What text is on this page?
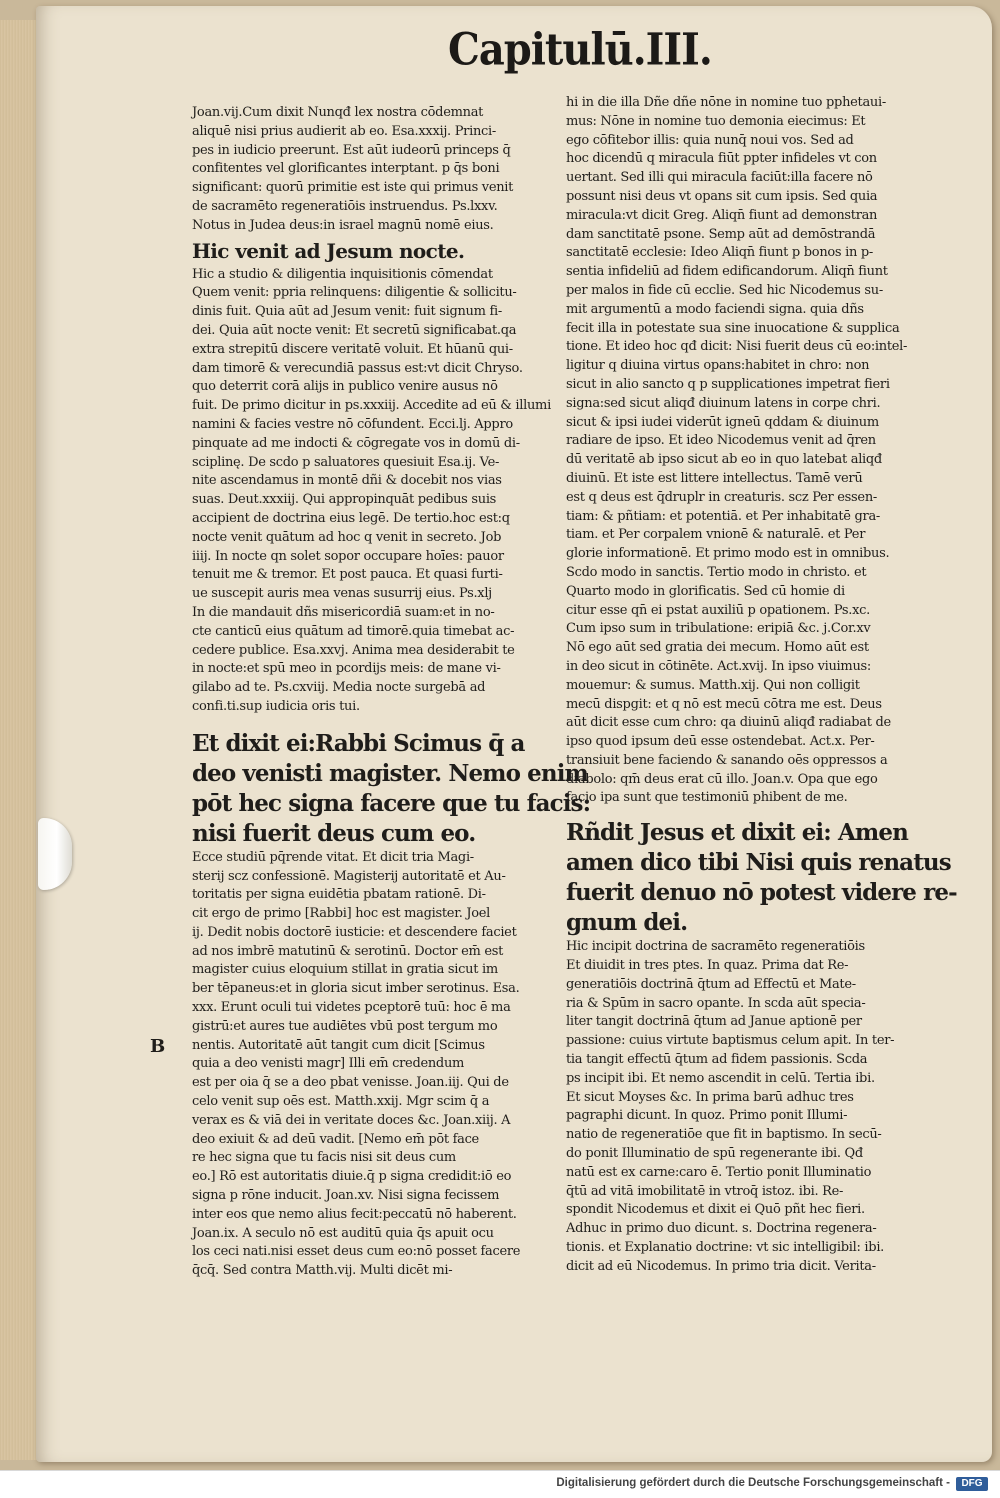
Capitulū.III.
Joan.vij.Cum dixit Nunqđ lex nostra cōdemnat
aliquē nisi prius audierit ab eo. Esa.xxxij. Princi-
pes in iudicio preerunt. Est aūt iudeorū princeps q̄
confitentes vel glorificantes interptant. p q̄s boni
significant: quorū primitie est iste qui primus venit
de sacramēto regeneratiōis instruendus. Ps.lxxv.
Notus in Judea deus:in israel magnū nomē eius.
Hic venit ad Jesum nocte.
Hic a studio & diligentia inquisitionis cōmendat
Quem venit: ppria relinquens: diligentie & sollicitu-
dinis fuit. Quia aūt ad Jesum venit: fuit signum fi-
dei. Quia aūt nocte venit: Et secretū significabat.qa
extra strepitū discere veritatē voluit. Et hūanū qui-
dam timorē & verecundiā passus est:vt dicit Chryso.
quo deterrit corā alijs in publico venire ausus nō
fuit. De primo dicitur in ps.xxxiij. Accedite ad eū & illumi
namini & facies vestre nō cōfundent. Ecci.lj. Appro
pinquate ad me indocti & cōgregate vos in domū di-
sciplinę. De scdo p saluatores quesiuit Esa.ij. Ve-
nite ascendamus in montē dñi & docebit nos vias
suas. Deut.xxxiij. Qui appropinquāt pedibus suis
accipient de doctrina eius legē. De tertio.hoc est:q
nocte venit quātum ad hoc q venit in secreto. Job
iiij. In nocte qn solet sopor occupare hoīes: pauor
tenuit me & tremor. Et post pauca. Et quasi furti-
ue suscepit auris mea venas susurrij eius. Ps.xlj
In die mandauit dñs misericordiā suam:et in no-
cte canticū eius quātum ad timorē.quia timebat ac-
cedere publice. Esa.xxvj. Anima mea desiderabit te
in nocte:et spū meo in pcordijs meis: de mane vi-
gilabo ad te. Ps.cxviij. Media nocte surgebā ad
confi.ti.sup iudicia oris tui.
Et dixit ei:Rabbi Scimus q̄ a
deo venisti magister. Nemo enim
pōt hec signa facere que tu facis:
nisi fuerit deus cum eo.
Ecce studiū pq̄rende vitat. Et dicit tria Magi-
sterij scz confessionē. Magisterij autoritatē et Au-
toritatis per signa euidētia pbatam rationē. Di-
cit ergo de primo [Rabbi] hoc est magister. Joel
ij. Dedit nobis doctorē iusticie: et descendere faciet
ad nos imbrē matutinū & serotinū. Doctor em̄ est
magister cuius eloquium stillat in gratia sicut im
ber tēpaneus:et in gloria sicut imber serotinus. Esa.
xxx. Erunt oculi tui videtes pceptorē tuū: hoc ē ma
gistrū:et aures tue audiētes vbū post tergum mo
nentis. Autoritatē aūt tangit cum dicit [Scimus
quia a deo venisti magr] Illi em̄ credendum
est per oia q̄ se a deo pbat venisse. Joan.iij. Qui de
celo venit sup oēs est. Matth.xxij. Mgr scim q̄ a
verax es & viā dei in veritate doces &c. Joan.xiij. A
deo exiuit & ad deū vadit. [Nemo em̄ pōt face
re hec signa que tu facis nisi sit deus cum
eo.] Rō est autoritatis diuie.q̄ p signa credidit:iō eo
signa p rōne inducit. Joan.xv. Nisi signa fecissem
inter eos que nemo alius fecit:peccatū nō haberent.
Joan.ix. A seculo nō est auditū quia q̄s apuit ocu
los ceci nati.nisi esset deus cum eo:nō posset facere
q̄cq̄. Sed contra Matth.vij. Multi dicēt mi-
B
hi in die illa Dñe dñe nōne in nomine tuo pphetaui-
mus: Nōne in nomine tuo demonia eiecimus: Et
ego cōfitebor illis: quia nunq̄ noui vos. Sed ad
hoc dicendū q miracula fiūt ppter infideles vt con
uertant. Sed illi qui miracula faciūt:illa facere nō
possunt nisi deus vt opans sit cum ipsis. Sed quia
miracula:vt dicit Greg. Aliqn̄ fiunt ad demonstran
dam sanctitatē psone. Semp aūt ad demōstrandā
sanctitatē ecclesie: Ideo Aliqn̄ fiunt p bonos in p-
sentia infideliū ad fidem edificandorum. Aliqn̄ fiunt
per malos in fide cū ecclie. Sed hic Nicodemus su-
mit argumentū a modo faciendi signa. quia dñs
fecit illa in potestate sua sine inuocatione & supplica
tione. Et ideo hoc qđ dicit: Nisi fuerit deus cū eo:intel-
ligitur q diuina virtus opans:habitet in chro: non
sicut in alio sancto q p supplicationes impetrat fieri
signa:sed sicut aliqđ diuinum latens in corpe chri.
sicut & ipsi iudei viderūt igneū qddam & diuinum
radiare de ipso. Et ideo Nicodemus venit ad q̄ren
dū veritatē ab ipso sicut ab eo in quo latebat aliqđ
diuinū. Et iste est littere intellectus. Tamē verū
est q deus est q̄druplr in creaturis. scz Per essen-
tiam: & pñtiam: et potentiā. et Per inhabitatē gra-
tiam. et Per corpalem vnionē & naturalē. et Per
glorie informationē. Et primo modo est in omnibus.
Scdo modo in sanctis. Tertio modo in christo. et
Quarto modo in glorificatis. Sed cū homie di
citur esse qn̄ ei pstat auxiliū p opationem. Ps.xc.
Cum ipso sum in tribulatione: eripiā &c. j.Cor.xv
Nō ego aūt sed gratia dei mecum. Homo aūt est
in deo sicut in cōtinēte. Act.xvij. In ipso viuimus:
mouemur: & sumus. Matth.xij. Qui non colligit
mecū dispgit: et q nō est mecū cōtra me est. Deus
aūt dicit esse cum chro: qa diuinū aliqđ radiabat de
ipso quod ipsum deū esse ostendebat. Act.x. Per-
transiuit bene faciendo & sanando oēs oppressos a
diabolo: qm̄ deus erat cū illo. Joan.v. Opa que ego
facio ipa sunt que testimoniū phibent de me.
Rñdit Jesus et dixit ei: Amen
amen dico tibi Nisi quis renatus
fuerit denuo nō potest videre re-
gnum dei.
Hic incipit doctrina de sacramēto regeneratiōis
Et diuidit in tres ptes. In quaz. Prima dat Re-
generatiōis doctrinā q̄tum ad Effectū et Mate-
ria & Spūm in sacro opante. In scda aūt specia-
liter tangit doctrinā q̄tum ad Janue aptionē per
passione: cuius virtute baptismus celum apit. In ter-
tia tangit effectū q̄tum ad fidem passionis. Scda
ps incipit ibi. Et nemo ascendit in celū. Tertia ibi.
Et sicut Moyses &c. In prima barū adhuc tres
pagraphi dicunt. In quoz. Primo ponit Illumi-
natio de regeneratiōe que fit in baptismo. In secū-
do ponit Illuminatio de spū regenerante ibi. Qđ
natū est ex carne:caro ē. Tertio ponit Illuminatio
q̄tū ad vitā imobilitatē in vtroq̄ istoz. ibi. Re-
spondit Nicodemus et dixit ei Quō pñt hec fieri.
Adhuc in primo duo dicunt. s. Doctrina regenera-
tionis. et Explanatio doctrine: vt sic intelligibil: ibi.
dicit ad eū Nicodemus. In primo tria dicit. Verita-
Digitalisierung gefördert durch die Deutsche Forschungsgemeinschaft -	DFG
